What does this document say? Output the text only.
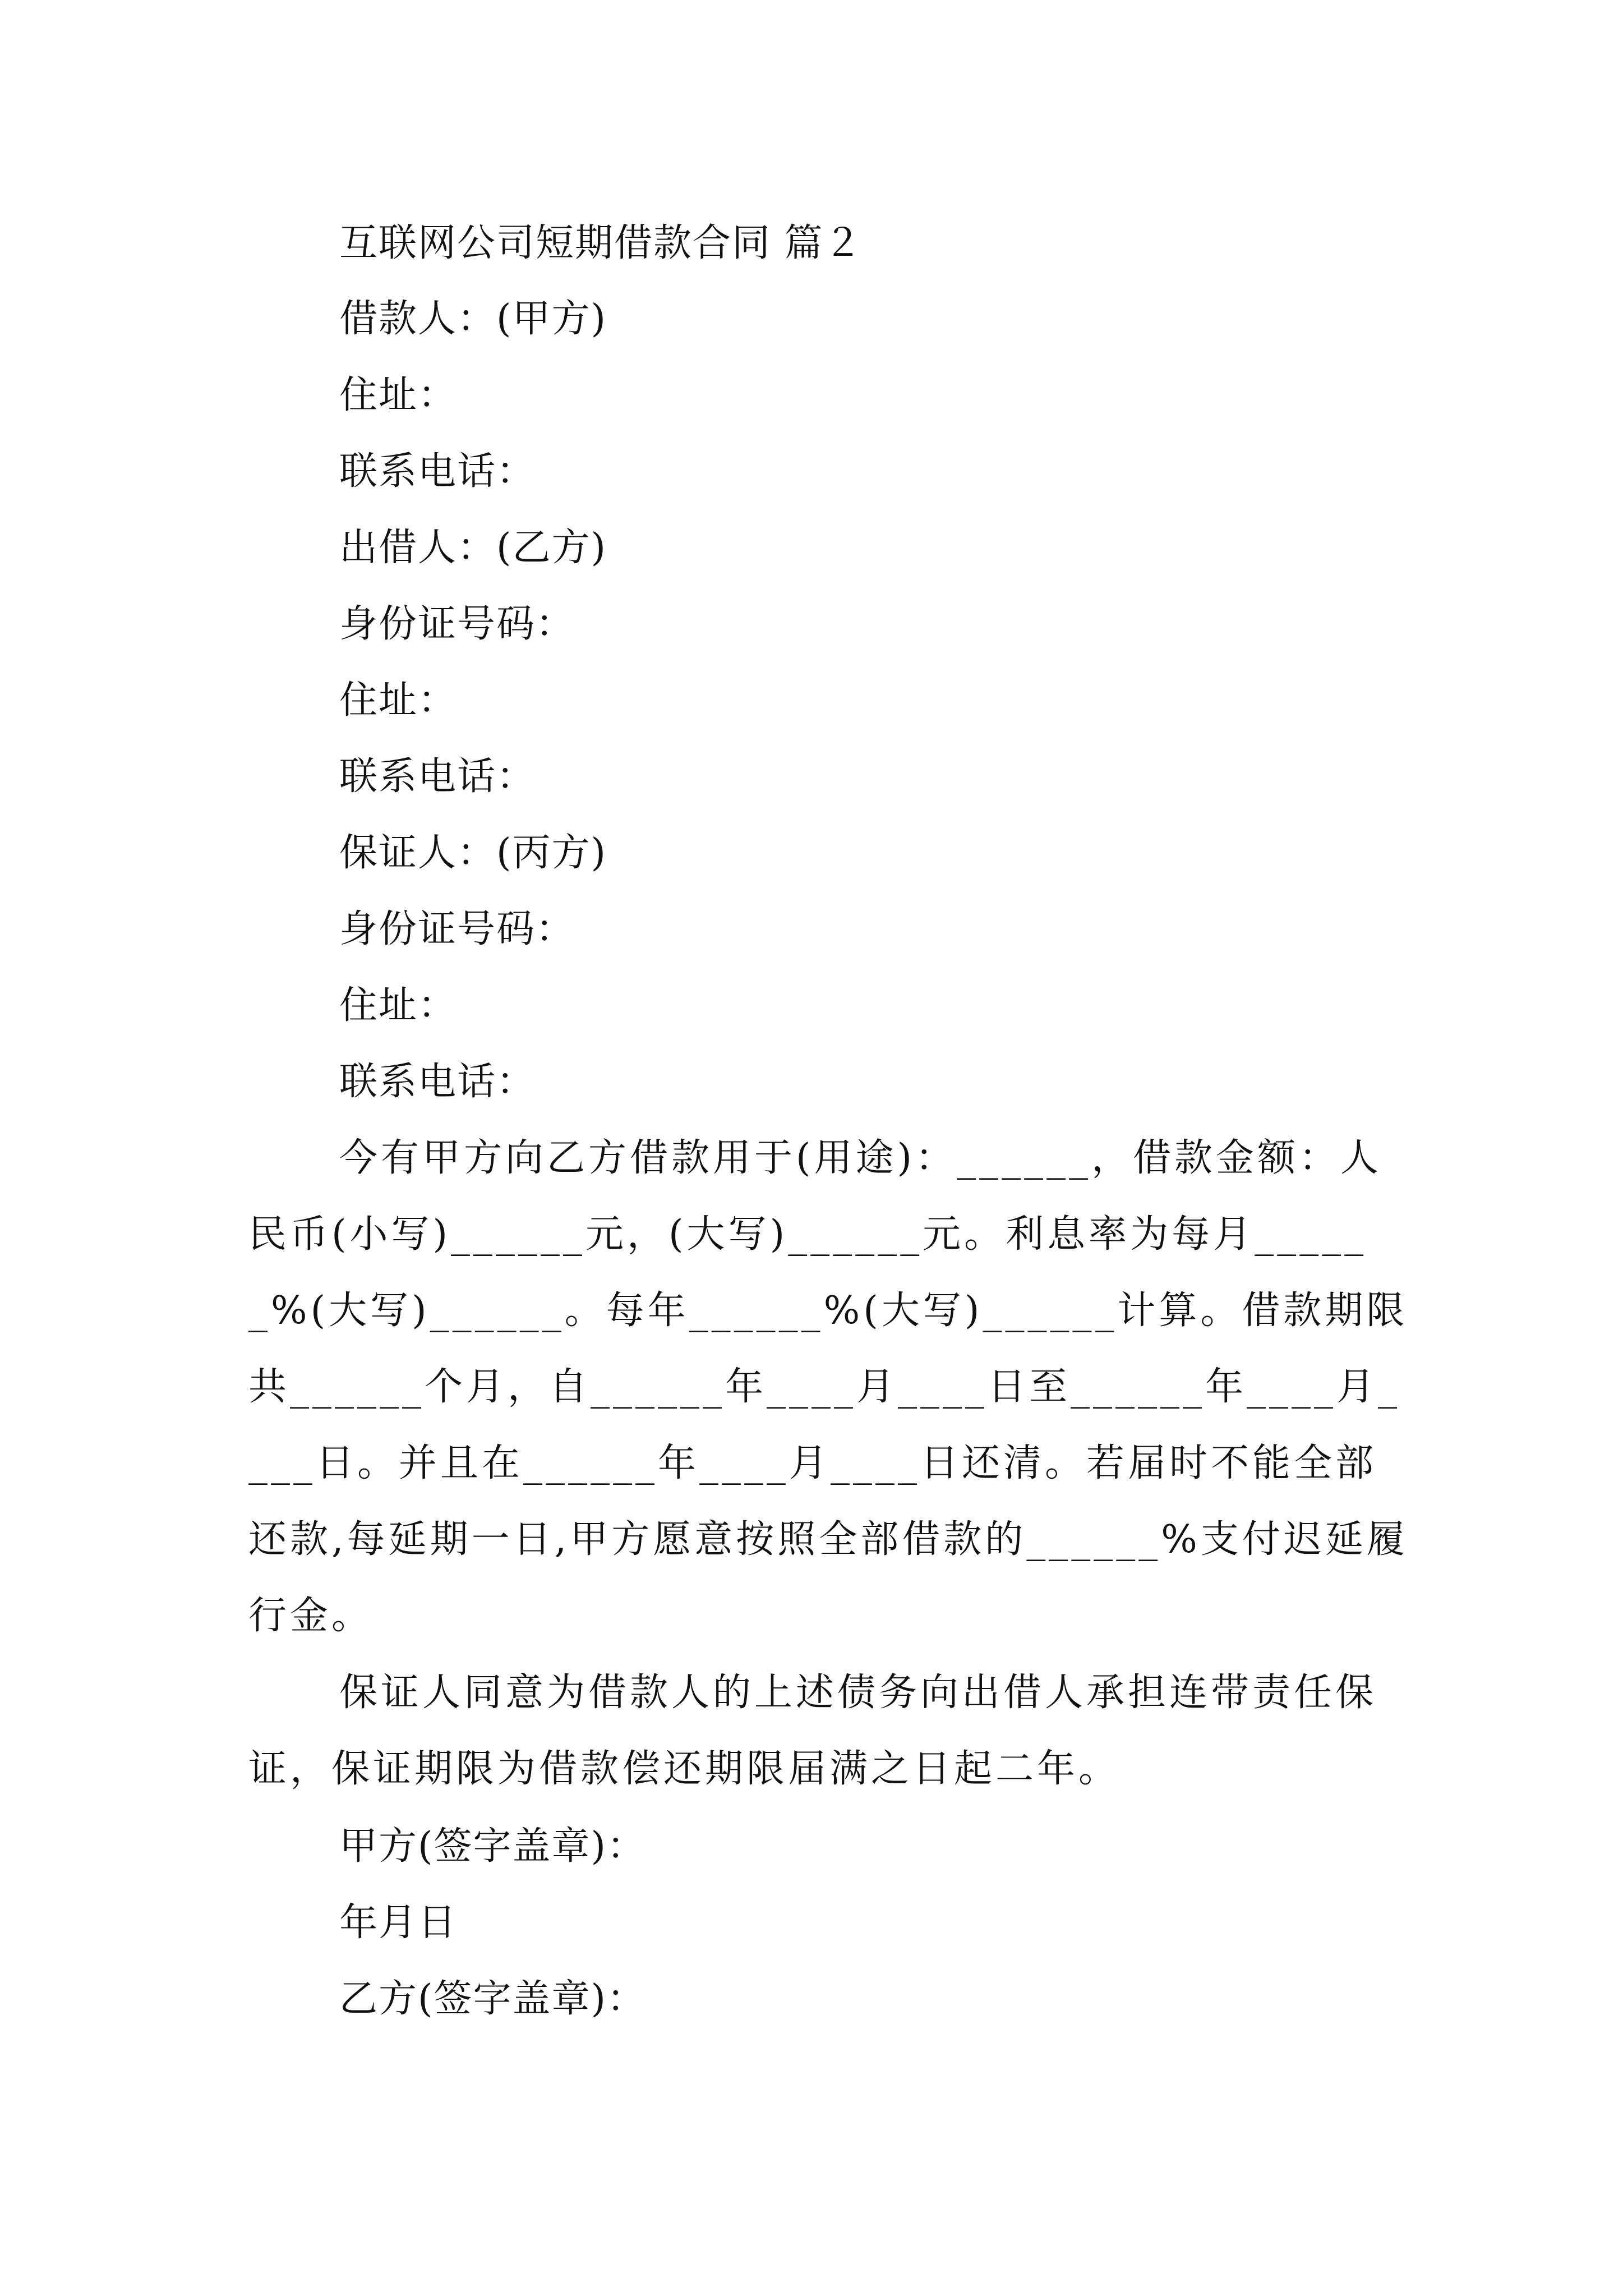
互联网公司短期借款合同 篇２
借款人：(甲方)
住址：
联系电话：
出借人：(乙方)
身份证号码：
住址：
联系电话：
保证人：(丙方)
身份证号码：
住址：
联系电话：
今有甲方向乙方借款用于(用途)：______，借款金额：人民币(小写)______元，(大写)______元。利息率为每月______%(大写)______。每年______%(大写)______计算。借款期限共______个月，自______年____月____日至______年____月____日。并且在______年____月____日还清。若届时不能全部还款,每延期一日,甲方愿意按照全部借款的______%支付迟延履行金。
保证人同意为借款人的上述债务向出借人承担连带责任保证，保证期限为借款偿还期限届满之日起二年。
甲方(签字盖章)：
年月日
乙方(签字盖章)：
